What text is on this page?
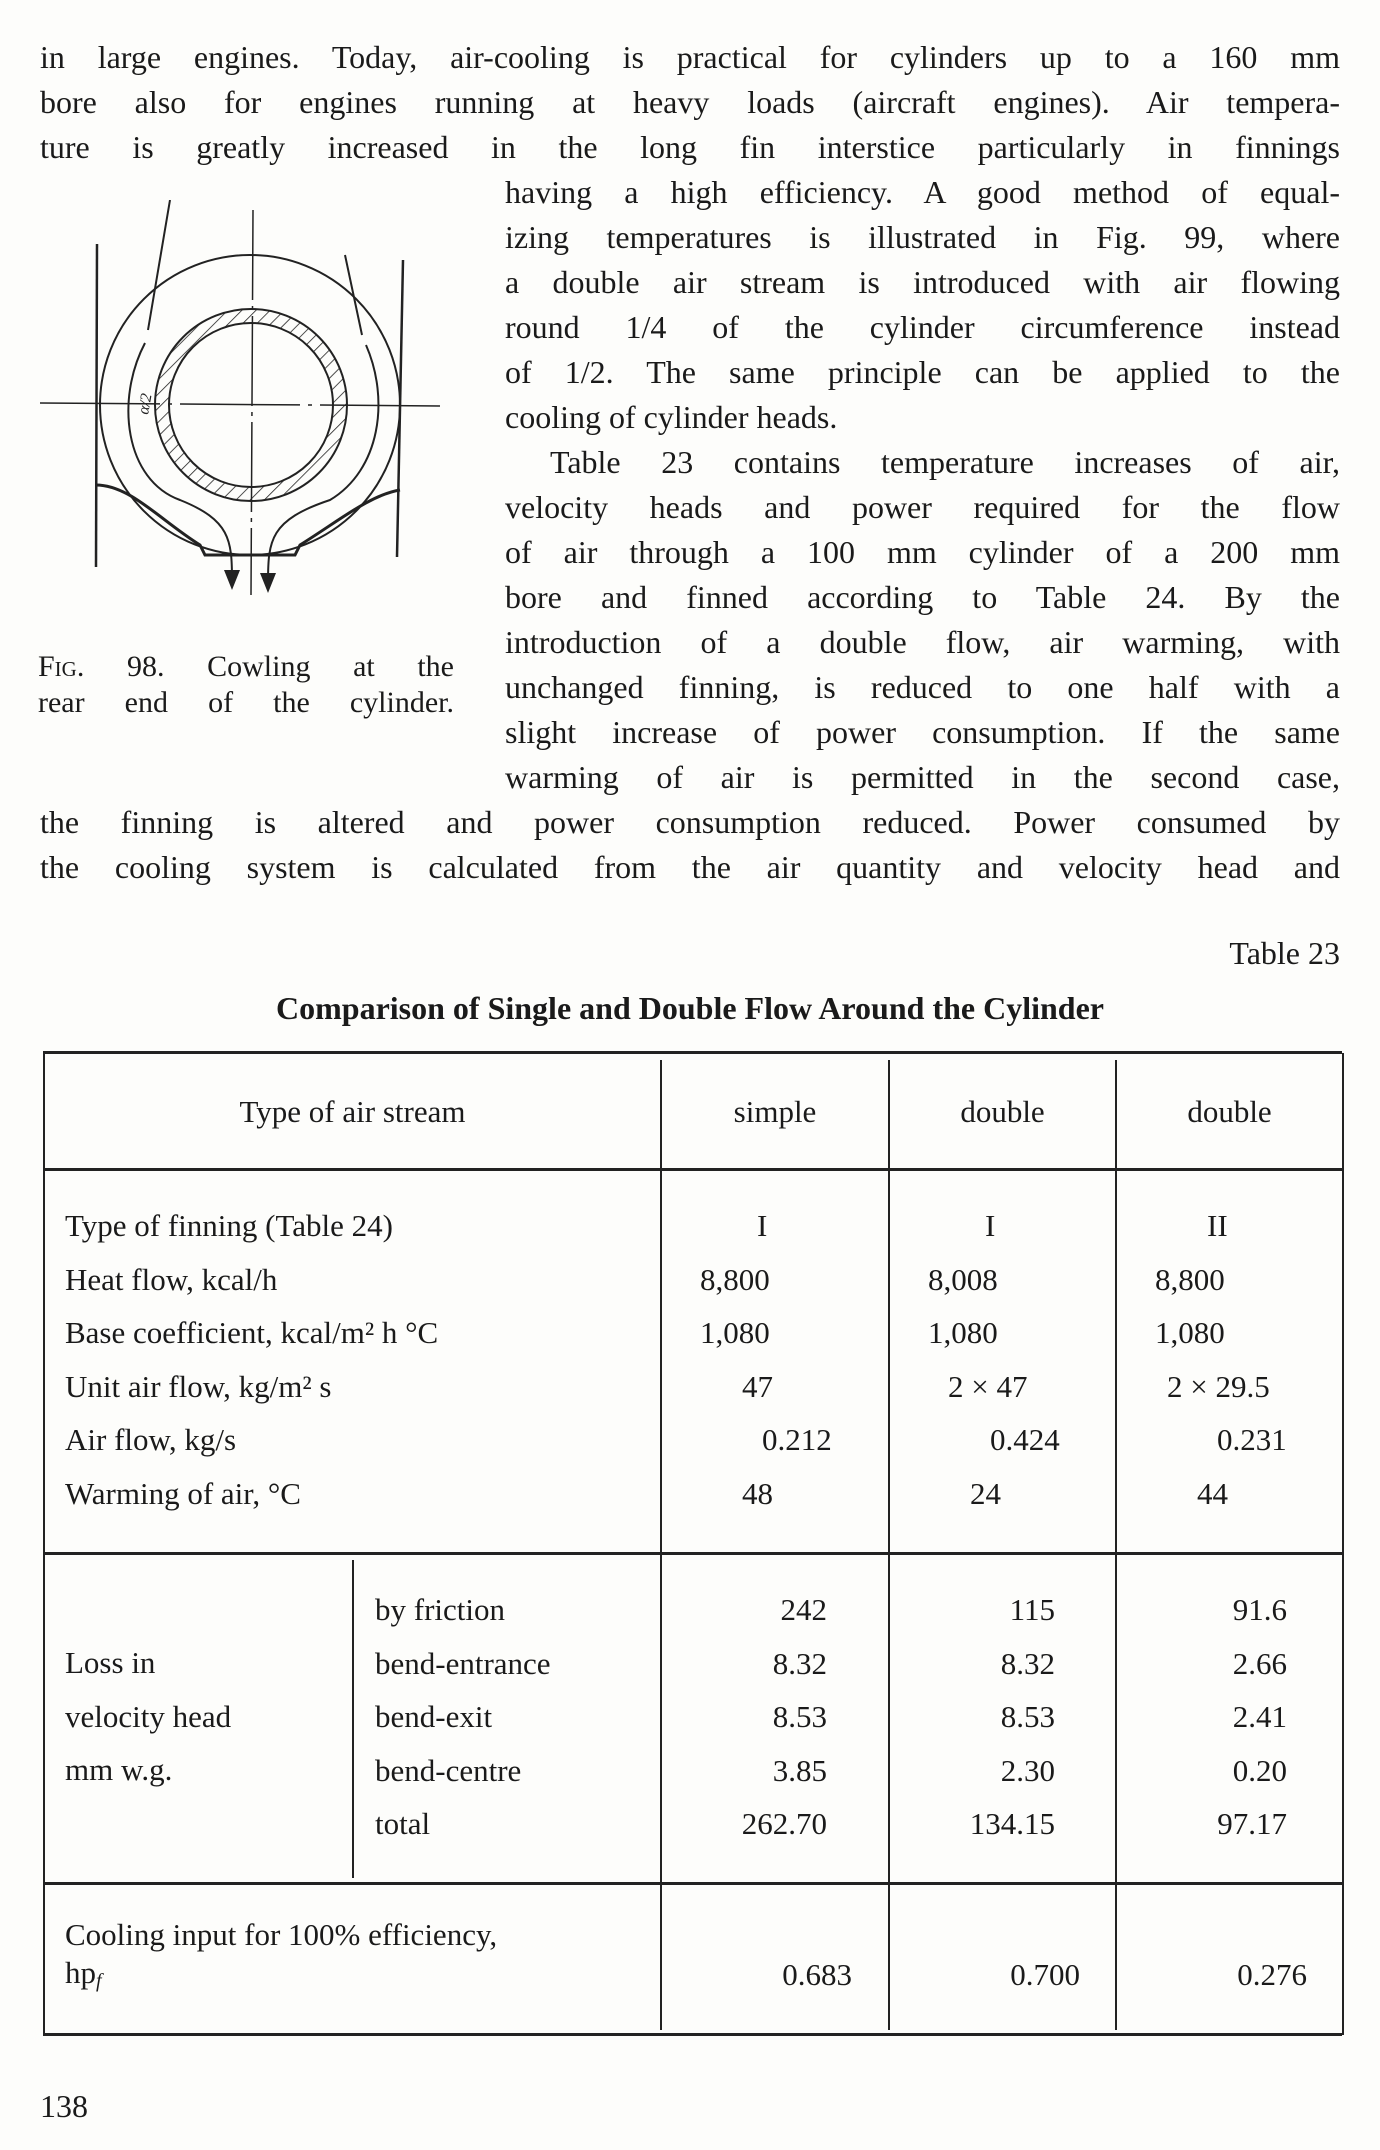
in large engines. Today, air-cooling is practical for cylinders up to a 160 mm
bore also for engines running at heavy loads (aircraft engines). Air tempera-
ture is greatly increased in the long fin interstice particularly in finnings
having a high efficiency. A good method of equal-
izing temperatures is illustrated in Fig. 99, where
a double air stream is introduced with air flowing
round 1/4 of the cylinder circumference instead
of 1/2. The same principle can be applied to the
cooling of cylinder heads.
Table 23 contains temperature increases of air,
velocity heads and power required for the flow
of air through a 100 mm cylinder of a 200 mm
bore and finned according to Table 24. By the
introduction of a double flow, air warming, with
unchanged finning, is reduced to one half with a
slight increase of power consumption. If the same
warming of air is permitted in the second case,
the finning is altered and power consumption reduced. Power consumed by
the cooling system is calculated from the air quantity and velocity head and
α/2
Fig. 98. Cowling at the
rear end of the cylinder.
Table 23
Comparison of Single and Double Flow Around the Cylinder
Type of air stream	simple	double	double
Type of finning (Table 24)	I	I	II
Heat flow, kcal/h	8,800	8,008	8,800
Base coefficient, kcal/m² h °C	1,080	1,080	1,080
Unit air flow, kg/m² s	47	2 × 47	2 × 29.5
Air flow, kg/s	0.212	0.424	0.231
Warming of air, °C	48	24	44
Loss in
velocity head
mm w.g.
by friction	242	115	91.6
bend-entrance	8.32	8.32	2.66
bend-exit	8.53	8.53	2.41
bend-centre	3.85	2.30	0.20
total	262.70	134.15	97.17
Cooling input for 100% efficiency,
$hp_f$	0.683	0.700	0.276
138
